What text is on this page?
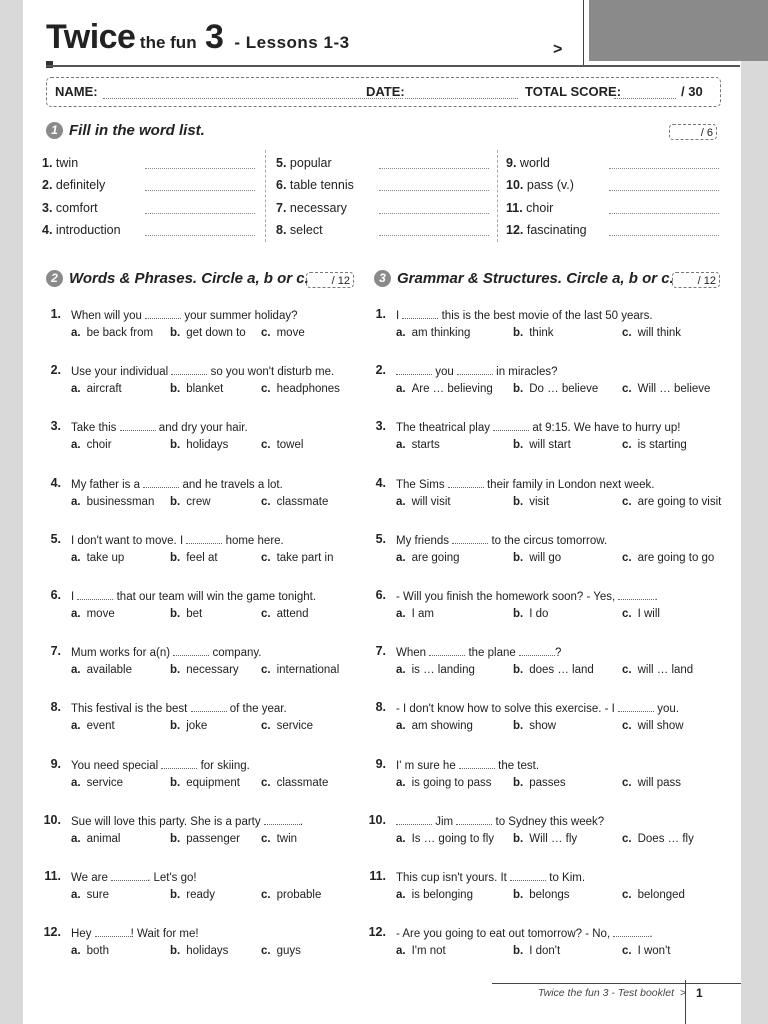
Twice the fun 3 - Lessons 1-3	>
NAME:	DATE:	TOTAL SCORE:	/ 30
1 Fill in the word list.	/ 6
1. twin
2. definitely
3. comfort
4. introduction
5. popular
6. table tennis
7. necessary
8. select
9. world
10. pass (v.)
11. choir
12. fascinating
2 Words & Phrases. Circle a, b or c.	/ 12	3 Grammar & Structures. Circle a, b or c.	/ 12
1. When will you	your summer holiday?
a. be back from b. get down to c. move
2. Use your individual	so you won't disturb me.
a. aircraft	b. blanket	c. headphones
3. Take this	and dry your hair.
a. choir	b. holidays	c. towel
4. My father is a	and he travels a lot.
a. businessman b. crew	c. classmate
5. I don't want to move. I	home here.
a. take up	b. feel at	c. take part in
6. I	that our team will win the game tonight.
a. move	b. bet	c. attend
7. Mum works for a(n)	company.
a. available	b. necessary c. international
8. This festival is the best	of the year.
a. event	b. joke	c. service
9. You need special	for skiing.
a. service	b. equipment c. classmate
10. Sue will love this party. She is a party	.
a. animal	b. passenger c. twin
11. We are	. Let's go!
a. sure	b. ready	c. probable
12. Hey	! Wait for me!
a. both	b. holidays	c. guys
1. I	this is the best movie of the last 50 years.
a. am thinking	b. think	c. will think
2.	you	in miracles?
a. Are … believing b. Do … believe c. Will … believe
3. The theatrical play	at 9:15. We have to hurry up!
a. starts	b. will start	c. is starting
4. The Sims	their family in London next week.
a. will visit	b. visit	c. are going to visit
5. My friends	to the circus tomorrow.
a. are going	b. will go	c. are going to go
6. - Will you finish the homework soon? - Yes,	.
a. I am	b. I do	c. I will
7. When	the plane	?
a. is … landing	b. does … land c. will … land
8. - I don't know how to solve this exercise. - I	you.
a. am showing	b. show	c. will show
9. I' m sure he	the test.
a. is going to pass b. passes	c. will pass
10.	Jim	to Sydney this week?
a. Is … going to fly b. Will … fly	c. Does … fly
11. This cup isn't yours. It	to Kim.
a. is belonging	b. belongs	c. belonged
12. - Are you going to eat out tomorrow? - No,	.
a. I'm not	b. I don't	c. I won't
Twice the fun 3 - Test booklet > 1
